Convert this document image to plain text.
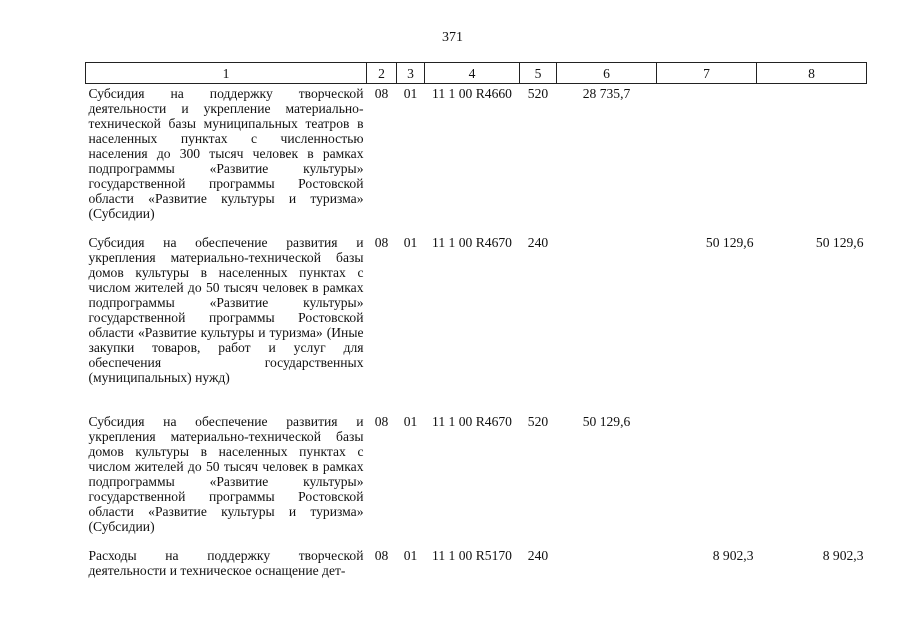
371
1	2	3	4	5	6	7	8
Субсидия на поддержку творческой деятельности и укрепление материально-технической базы муниципальных театров в населенных пунктах с численностью населения до 300 тысяч человек в рамках подпрограммы «Развитие культуры» государственной программы Ростовской области «Развитие культуры и туризма» (Субсидии)	08	01	11 1 00 R4660	520	28 735,7		
Субсидия на обеспечение развития и укрепления материально-технической базы домов культуры в населенных пунктах с числом жителей до 50 тысяч человек в рамках подпрограммы «Развитие культуры» государственной программы Ростовской области «Развитие культуры и туризма» (Иные закупки товаров, работ и услуг для обеспечения государственных (муниципальных) нужд)	08	01	11 1 00 R4670	240		50 129,6	50 129,6
Субсидия на обеспечение развития и укрепления материально-технической базы домов культуры в населенных пунктах с числом жителей до 50 тысяч человек в рамках подпрограммы «Развитие культуры» государственной программы Ростовской области «Развитие культуры и туризма» (Субсидии)	08	01	11 1 00 R4670	520	50 129,6		
Расходы на поддержку творческой деятельности и техническое оснащение дет-	08	01	11 1 00 R5170	240		8 902,3	8 902,3
